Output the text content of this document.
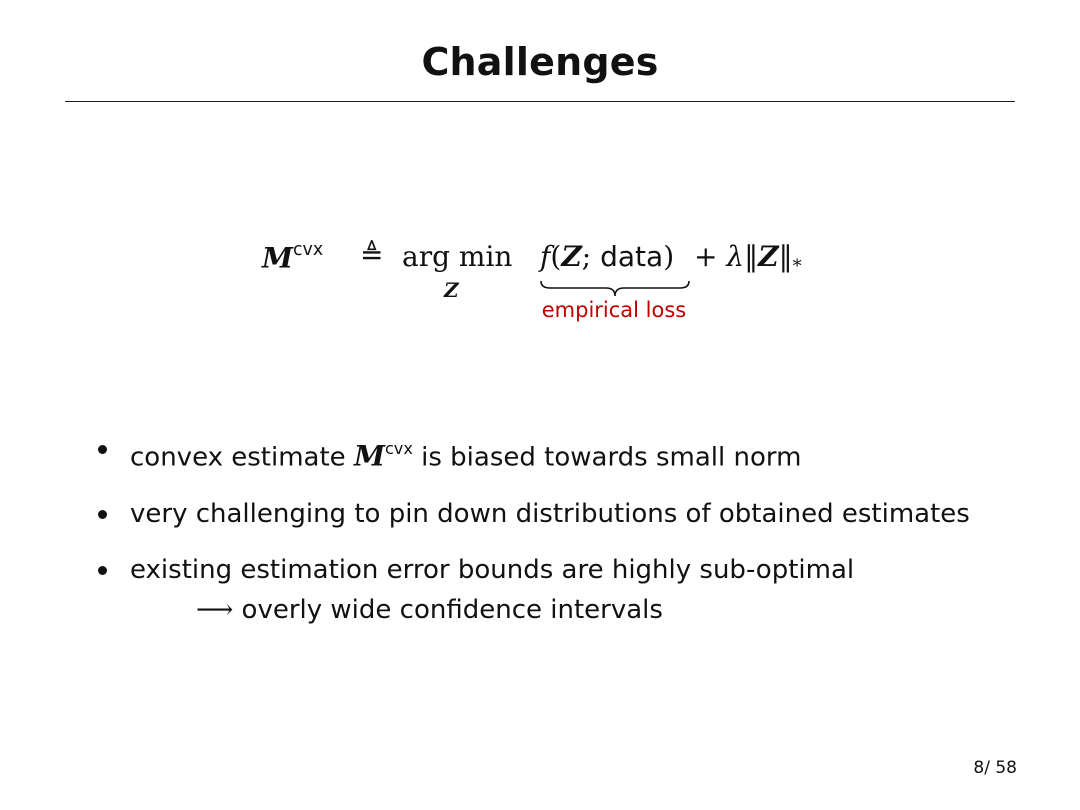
Challenges
$M^{cvx}$ ≜ arg min
Z
f(Z; data) + $\lambda‖Z‖_*$
empirical loss
convex estimate $M^{cvx}$ is biased towards small norm
very challenging to pin down distributions of obtained estimates
existing estimation error bounds are highly sub-optimal
⟶ overly wide confidence intervals
8/ 58
